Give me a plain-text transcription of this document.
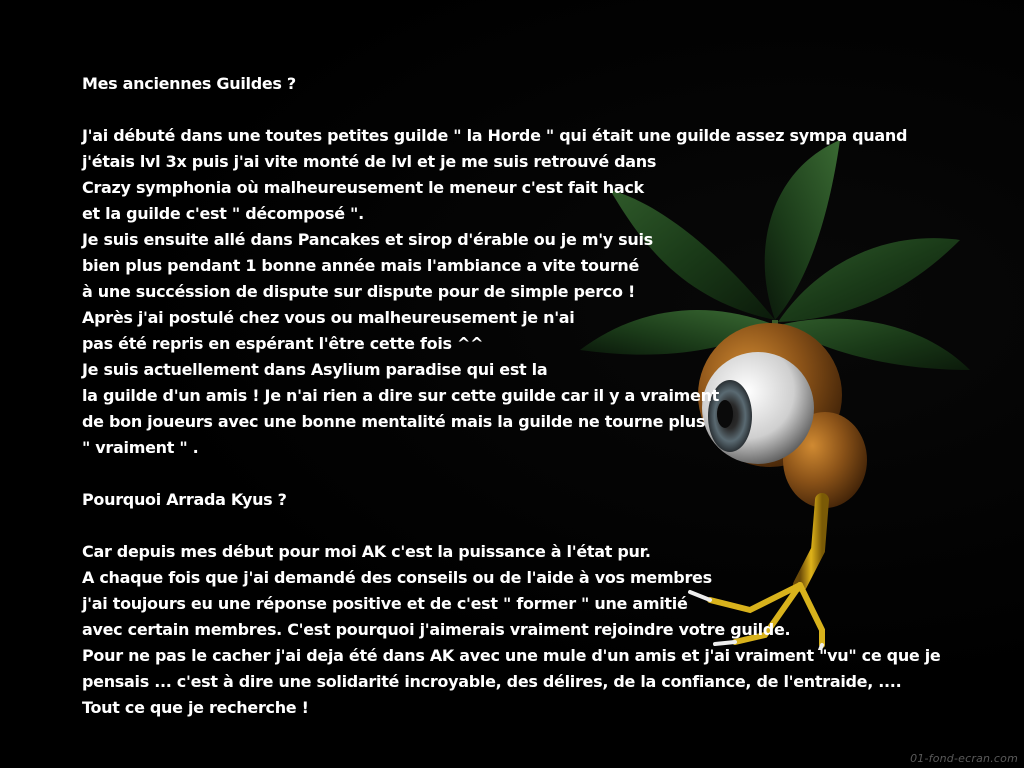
Mes anciennes Guildes ?

J'ai débuté dans une toutes petites guilde " la Horde " qui était une guilde assez sympa quand
j'étais lvl 3x puis j'ai vite monté de lvl et je me suis retrouvé dans
Crazy symphonia où malheureusement le meneur c'est fait hack
et la guilde c'est " décomposé ".
Je suis ensuite allé dans Pancakes et sirop d'érable ou je m'y suis
bien plus pendant 1 bonne année mais l'ambiance a vite tourné
à une succéssion de dispute sur dispute pour de simple perco !
Après j'ai postulé chez vous ou malheureusement je n'ai
pas été repris en espérant l'être cette fois ^^
Je suis actuellement dans Asylium paradise qui est la
la guilde d'un amis ! Je n'ai rien a dire sur cette guilde car il y a vraiment
de bon joueurs avec une bonne mentalité mais la guilde ne tourne plus
" vraiment " .

Pourquoi Arrada Kyus ?

Car depuis mes début pour moi AK c'est la puissance à l'état pur.
A chaque fois que j'ai demandé des conseils ou de l'aide à vos membres
j'ai toujours eu une réponse positive et de c'est " former " une amitié
avec certain membres. C'est pourquoi j'aimerais vraiment rejoindre votre guilde.
Pour ne pas le cacher j'ai deja été dans AK avec une mule d'un amis et j'ai vraiment "vu" ce que je
pensais ... c'est à dire une solidarité incroyable, des délires, de la confiance, de l'entraide, ....
Tout ce que je recherche !
01-fond-ecran.com
